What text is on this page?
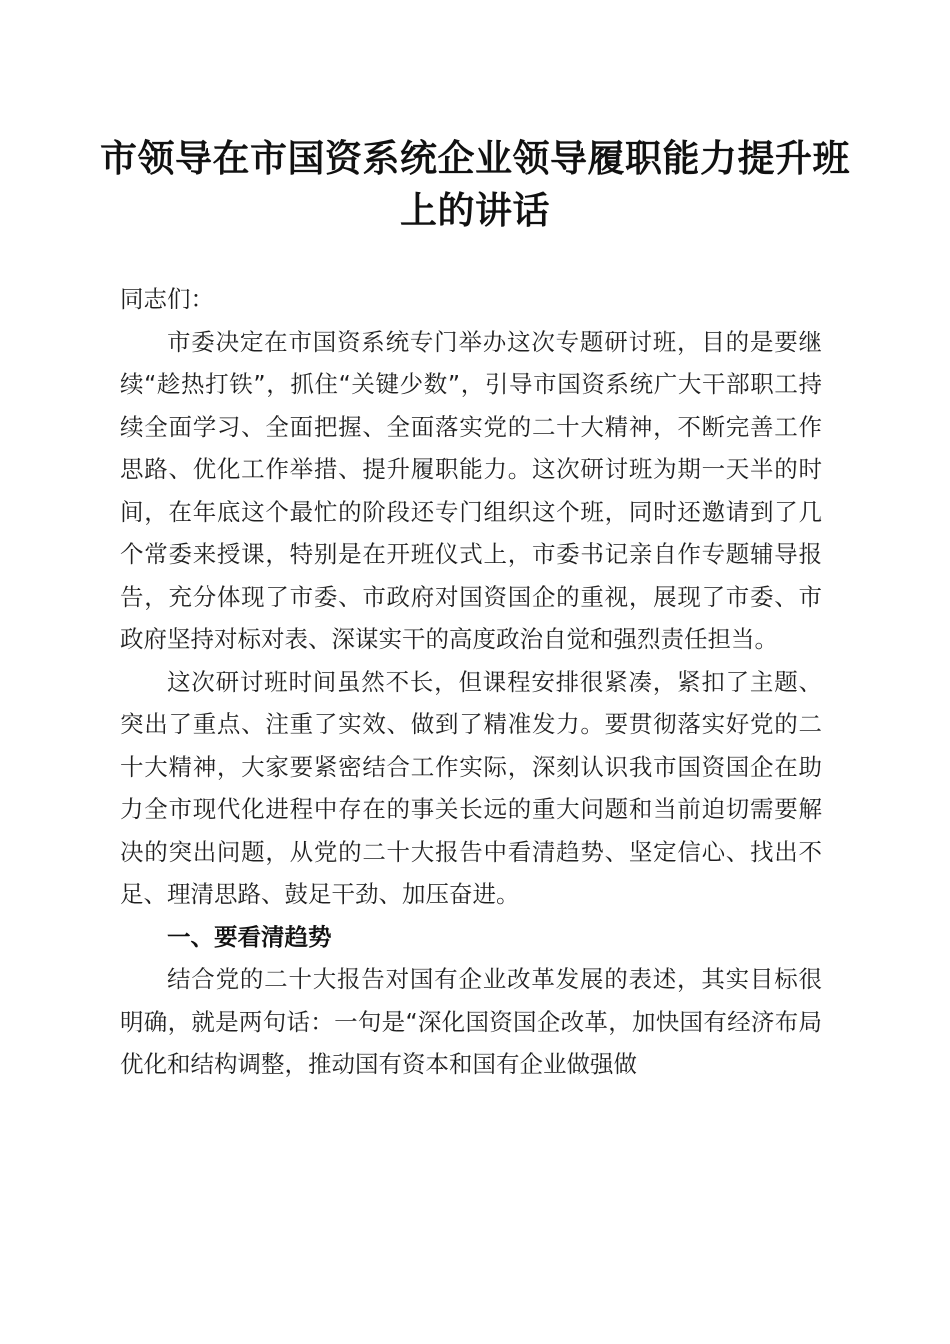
市领导在市国资系统企业领导履职能力提升班
上的讲话

同志们：

市委决定在市国资系统专门举办这次专题研讨班，目的是要继续“趁热打铁”，抓住“关键少数”，引导市国资系统广大干部职工持续全面学习、全面把握、全面落实党的二十大精神，不断完善工作思路、优化工作举措、提升履职能力。这次研讨班为期一天半的时间，在年底这个最忙的阶段还专门组织这个班，同时还邀请到了几个常委来授课，特别是在开班仪式上，市委书记亲自作专题辅导报告，充分体现了市委、市政府对国资国企的重视，展现了市委、市政府坚持对标对表、深谋实干的高度政治自觉和强烈责任担当。

这次研讨班时间虽然不长，但课程安排很紧凑，紧扣了主题、突出了重点、注重了实效、做到了精准发力。要贯彻落实好党的二十大精神，大家要紧密结合工作实际，深刻认识我市国资国企在助力全市现代化进程中存在的事关长远的重大问题和当前迫切需要解决的突出问题，从党的二十大报告中看清趋势、坚定信心、找出不足、理清思路、鼓足干劲、加压奋进。

一、要看清趋势

结合党的二十大报告对国有企业改革发展的表述，其实目标很明确，就是两句话：一句是“深化国资国企改革，加快国有经济布局优化和结构调整，推动国有资本和国有企业做强做
